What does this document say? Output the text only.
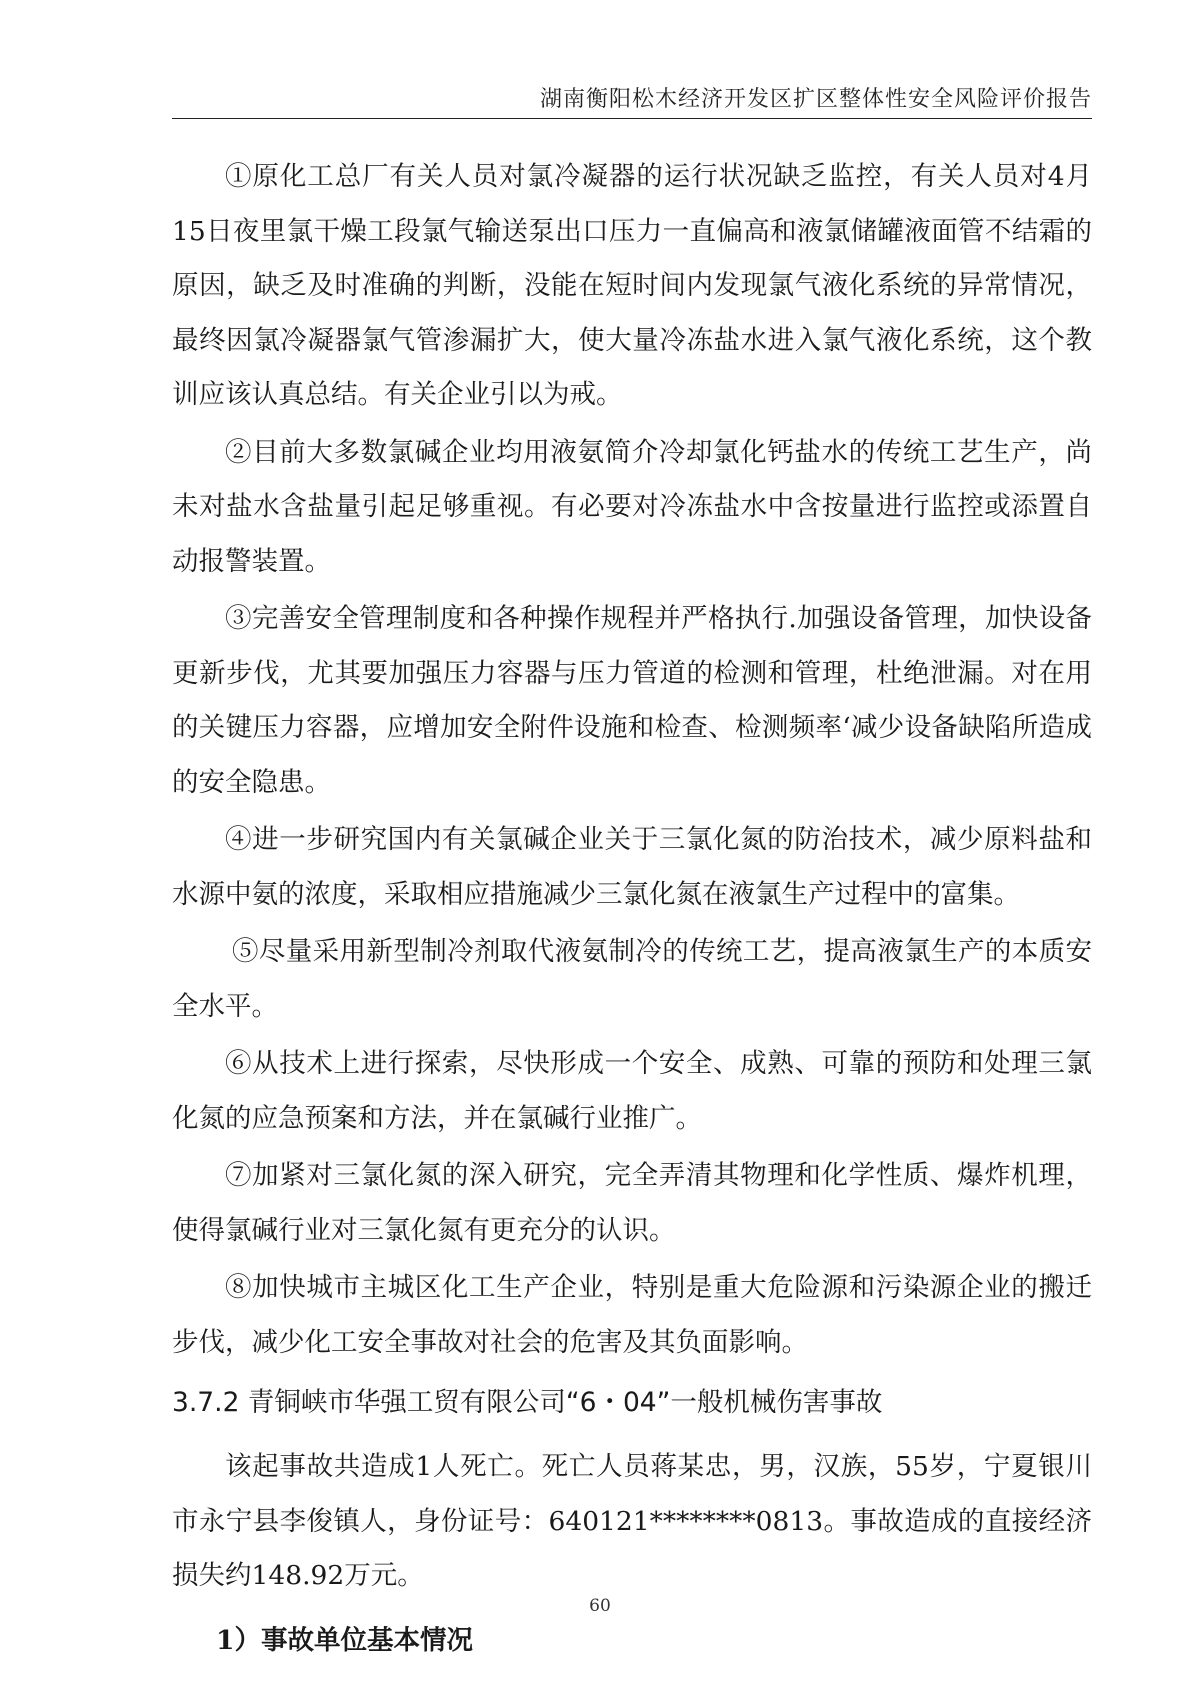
湖南衡阳松木经济开发区扩区整体性安全风险评价报告

①原化工总厂有关人员对氯冷凝器的运行状况缺乏监控，有关人员对4月15日夜里氯干燥工段氯气输送泵出口压力一直偏高和液氯储罐液面管不结霜的原因，缺乏及时准确的判断，没能在短时间内发现氯气液化系统的异常情况，最终因氯冷凝器氯气管渗漏扩大，使大量冷冻盐水进入氯气液化系统，这个教训应该认真总结。有关企业引以为戒。

②目前大多数氯碱企业均用液氨简介冷却氯化钙盐水的传统工艺生产，尚未对盐水含盐量引起足够重视。有必要对冷冻盐水中含按量进行监控或添置自动报警装置。

③完善安全管理制度和各种操作规程并严格执行.加强设备管理，加快设备更新步伐，尤其要加强压力容器与压力管道的检测和管理，杜绝泄漏。对在用的关键压力容器，应增加安全附件设施和检查、检测频率‘减少设备缺陷所造成的安全隐患。

④进一步研究国内有关氯碱企业关于三氯化氮的防治技术，减少原料盐和水源中氨的浓度，采取相应措施减少三氯化氮在液氯生产过程中的富集。

⑤尽量采用新型制冷剂取代液氨制冷的传统工艺，提高液氯生产的本质安全水平。

⑥从技术上进行探索，尽快形成一个安全、成熟、可靠的预防和处理三氯化氮的应急预案和方法，并在氯碱行业推广。

⑦加紧对三氯化氮的深入研究，完全弄清其物理和化学性质、爆炸机理，使得氯碱行业对三氯化氮有更充分的认识。

⑧加快城市主城区化工生产企业，特别是重大危险源和污染源企业的搬迁步伐，减少化工安全事故对社会的危害及其负面影响。

3.7.2 青铜峡市华强工贸有限公司“6・04”一般机械伤害事故

该起事故共造成1人死亡。死亡人员蒋某忠，男，汉族，55岁，宁夏银川市永宁县李俊镇人，身份证号：640121********0813。事故造成的直接经济损失约148.92万元。

1）事故单位基本情况
60
